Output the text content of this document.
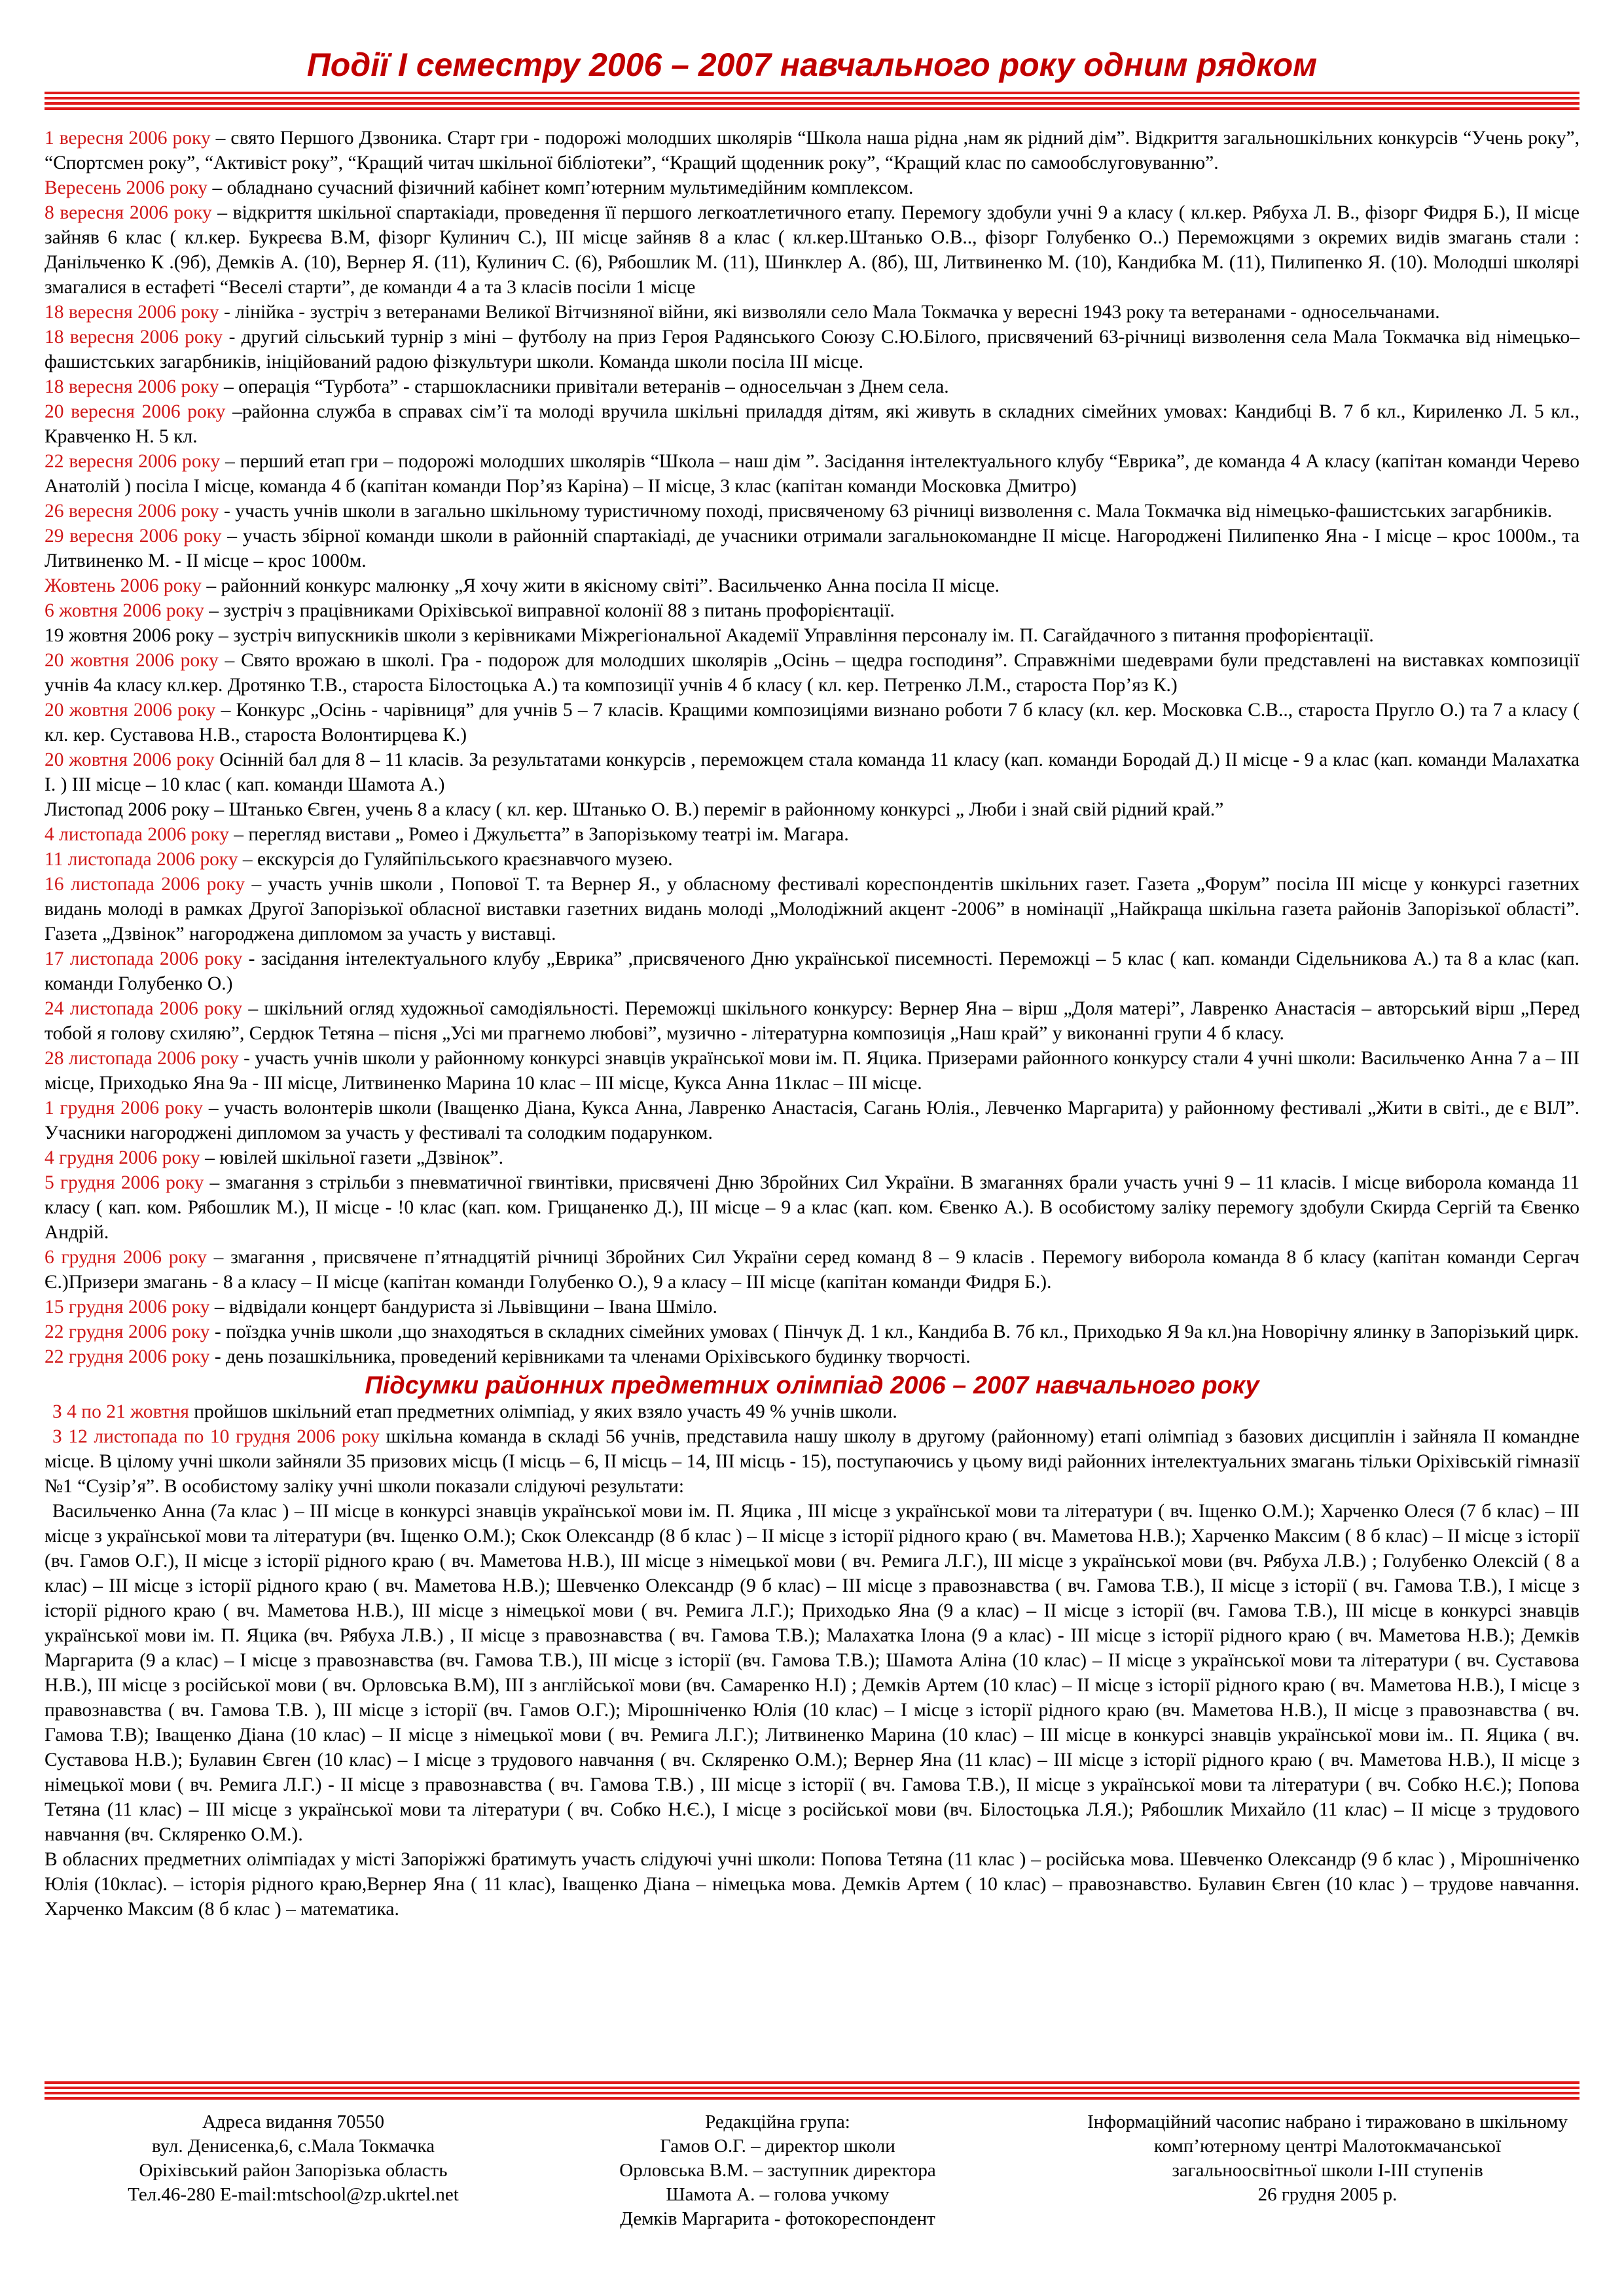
Події І семестру 2006 – 2007 навчального року одним рядком

1 вересня 2006 року – свято Першого Дзвоника. Старт гри - подорожі молодших школярів “Школа наша рідна ,нам як рідний дім”. Відкриття загальношкільних конкурсів “Учень року”, “Спортсмен року”, “Активіст року”, “Кращий читач шкільної бібліотеки”, “Кращий щоденник року”, “Кращий клас по самообслуговуванню”.

Вересень 2006 року – обладнано сучасний фізичний кабінет комп’ютерним мультимедійним комплексом.

8 вересня 2006 року – відкриття шкільної спартакіади, проведення її першого легкоатлетичного етапу. Перемогу здобули учні 9 а класу ( кл.кер. Рябуха Л. В., фізорг Фидря Б.), ІІ місце зайняв 6 клас ( кл.кер. Букреєва В.М, фізорг Кулинич С.), ІІІ місце зайняв 8 а клас ( кл.кер.Штанько О.В.., фізорг Голубенко О..) Переможцями з окремих видів змагань стали : Данільченко К .(9б), Демків А. (10), Вернер Я. (11), Кулинич С. (6), Рябошлик М. (11), Шинклер А. (8б), Ш, Литвиненко М. (10), Кандибка М. (11), Пилипенко Я. (10). Молодші школярі змагалися в естафеті “Веселі старти”, де команди 4 а та 3 класів посіли 1 місце

18 вересня 2006 року - лінійка - зустріч з ветеранами Великої Вітчизняної війни, які визволяли село Мала Токмачка у вересні 1943 року та ветеранами - односельчанами.

18 вересня 2006 року - другий сільський турнір з міні – футболу на приз Героя Радянського Союзу С.Ю.Білого, присвячений 63-річниці визволення села Мала Токмачка від німецько–фашистських загарбників, ініційований радою фізкультури школи. Команда школи посіла ІІІ місце.

18 вересня 2006 року – операція “Турбота” - старшокласники привітали ветеранів – односельчан з Днем села.

20 вересня 2006 року –районна служба в справах сім’ї та молоді вручила шкільні приладдя дітям, які живуть в складних сімейних умовах: Кандибці В. 7 б кл., Кириленко Л. 5 кл., Кравченко Н. 5 кл.

22 вересня 2006 року – перший етап гри – подорожі молодших школярів “Школа – наш дім ”. Засідання інтелектуального клубу “Еврика”, де команда 4 А класу (капітан команди Черево Анатолій ) посіла І місце, команда 4 б (капітан команди Пор’яз Каріна) – ІІ місце, 3 клас (капітан команди Московка Дмитро)

26 вересня 2006 року - участь учнів школи в загально шкільному туристичному поході, присвяченому 63 річниці визволення с. Мала Токмачка від німецько-фашистських загарбників.

29 вересня 2006 року – участь збірної команди школи в районній спартакіаді, де учасники отримали загальнокомандне ІІ місце. Нагороджені Пилипенко Яна - І місце – крос 1000м., та Литвиненко М. - ІІ місце – крос 1000м.

Жовтень 2006 року – районний конкурс малюнку „Я хочу жити в якісному світі”. Васильченко Анна посіла ІІ місце.

6 жовтня 2006 року – зустріч з працівниками Оріхівської виправної колонії 88 з питань профорієнтації.

19 жовтня 2006 року – зустріч випускників школи з керівниками Міжрегіональної Академії Управління персоналу ім. П. Сагайдачного з питання профорієнтації.

20 жовтня 2006 року – Свято врожаю в школі. Гра - подорож для молодших школярів „Осінь – щедра господиня”. Справжніми шедеврами були представлені на виставках композиції учнів 4а класу кл.кер. Дротянко Т.В., староста Білостоцька А.) та композиції учнів 4 б класу ( кл. кер. Петренко Л.М., староста Пор’яз К.)

20 жовтня 2006 року – Конкурс „Осінь - чарівниця” для учнів 5 – 7 класів. Кращими композиціями визнано роботи 7 б класу (кл. кер. Московка С.В.., староста Пругло О.) та 7 а класу ( кл. кер. Суставова Н.В., староста Волонтирцева К.)

20 жовтня 2006 року Осінній бал для 8 – 11 класів. За результатами конкурсів , переможцем стала команда 11 класу (кап. команди Бородай Д.) ІІ місце - 9 а клас (кап. команди Малахатка І. ) ІІІ місце – 10 клас ( кап. команди Шамота А.)

Листопад 2006 року – Штанько Євген, учень 8 а класу ( кл. кер. Штанько О. В.) переміг в районному конкурсі „ Люби і знай свій рідний край.”

4 листопада 2006 року – перегляд вистави „ Ромео і Джульєтта” в Запорізькому театрі ім. Магара.

11 листопада 2006 року – екскурсія до Гуляйпільського краєзнавчого музею.

16 листопада 2006 року – участь учнів школи , Попової Т. та Вернер Я., у обласному фестивалі кореспондентів шкільних газет. Газета „Форум” посіла ІІІ місце у конкурсі газетних видань молоді в рамках Другої Запорізької обласної виставки газетних видань молоді „Молодіжний акцент -2006” в номінації „Найкраща шкільна газета районів Запорізької області”. Газета „Дзвінок” нагороджена дипломом за участь у виставці.

17 листопада 2006 року - засідання інтелектуального клубу „Еврика” ,присвяченого Дню української писемності. Переможці – 5 клас ( кап. команди Сідельникова А.) та 8 а клас (кап. команди Голубенко О.)

24 листопада 2006 року – шкільний огляд художньої самодіяльності. Переможці шкільного конкурсу: Вернер Яна – вірш „Доля матері”, Лавренко Анастасія – авторський вірш „Перед тобой я голову схиляю”, Сердюк Тетяна – пісня „Усі ми прагнемо любові”, музично - літературна композиція „Наш край” у виконанні групи 4 б класу.

28 листопада 2006 року - участь учнів школи у районному конкурсі знавців української мови ім. П. Яцика. Призерами районного конкурсу стали 4 учні школи: Васильченко Анна 7 а – ІІІ місце, Приходько Яна 9а - ІІІ місце, Литвиненко Марина 10 клас – ІІІ місце, Кукса Анна 11клас – ІІІ місце.

1 грудня 2006 року – участь волонтерів школи (Іващенко Діана, Кукса Анна, Лавренко Анастасія, Сагань Юлія., Левченко Маргарита) у районному фестивалі „Жити в світі., де є ВІЛ”. Учасники нагороджені дипломом за участь у фестивалі та солодким подарунком.

4 грудня 2006 року – ювілей шкільної газети „Дзвінок”.

5 грудня 2006 року – змагання з стрільби з пневматичної гвинтівки, присвячені Дню Збройних Сил України. В змаганнях брали участь учні 9 – 11 класів. І місце виборола команда 11 класу ( кап. ком. Рябошлик М.), ІІ місце - !0 клас (кап. ком. Грищаненко Д.), ІІІ місце – 9 а клас (кап. ком. Євенко А.). В особистому заліку перемогу здобули Скирда Сергій та Євенко Андрій.

6 грудня 2006 року – змагання , присвячене п’ятнадцятій річниці Збройних Сил України серед команд 8 – 9 класів . Перемогу виборола команда 8 б класу (капітан команди Сергач Є.)Призери змагань - 8 а класу – ІІ місце (капітан команди Голубенко О.), 9 а класу – ІІІ місце (капітан команди Фидря Б.).

15 грудня 2006 року – відвідали концерт бандуриста зі Львівщини – Івана Шміло.

22 грудня 2006 року - поїздка учнів школи ,що знаходяться в складних сімейних умовах ( Пінчук Д. 1 кл., Кандиба В. 7б кл., Приходько Я 9а кл.)на Новорічну ялинку в Запорізький цирк.

22 грудня 2006 року - день позашкільника, проведений керівниками та членами Оріхівського будинку творчості.

Підсумки районних предметних олімпіад 2006 – 2007 навчального року

З 4 по 21 жовтня пройшов шкільний етап предметних олімпіад, у яких взяло участь 49 % учнів школи.

З 12 листопада по 10 грудня 2006 року шкільна команда в складі 56 учнів, представила нашу школу в другому (районному) етапі олімпіад з базових дисциплін і зайняла ІІ командне місце. В цілому учні школи зайняли 35 призових місць (І місць – 6, ІІ місць – 14, ІІІ місць - 15), поступаючись у цьому виді районних інтелектуальних змагань тільки Оріхівській гімназії №1 “Сузір’я”. В особистому заліку учні школи показали слідуючі результати:

Васильченко Анна (7а клас ) – ІІІ місце в конкурсі знавців української мови ім. П. Яцика , ІІІ місце з української мови та літератури ( вч. Іщенко О.М.); Харченко Олеся (7 б клас) – ІІІ місце з української мови та літератури (вч. Іщенко О.М.); Скок Олександр (8 б клас ) – ІІ місце з історії рідного краю ( вч. Маметова Н.В.); Харченко Максим ( 8 б клас) – ІІ місце з історії (вч. Гамов О.Г.), ІІ місце з історії рідного краю ( вч. Маметова Н.В.), ІІІ місце з німецької мови ( вч. Ремига Л.Г.), ІІІ місце з української мови (вч. Рябуха Л.В.) ; Голубенко Олексій ( 8 а клас) – ІІІ місце з історії рідного краю ( вч. Маметова Н.В.); Шевченко Олександр (9 б клас) – ІІІ місце з правознавства ( вч. Гамова Т.В.), ІІ місце з історії ( вч. Гамова Т.В.), І місце з історії рідного краю ( вч. Маметова Н.В.), ІІІ місце з німецької мови ( вч. Ремига Л.Г.); Приходько Яна (9 а клас) – ІІ місце з історії (вч. Гамова Т.В.), ІІІ місце в конкурсі знавців української мови ім. П. Яцика (вч. Рябуха Л.В.) , ІІ місце з правознавства ( вч. Гамова Т.В.); Малахатка Ілона (9 а клас) - ІІІ місце з історії рідного краю ( вч. Маметова Н.В.); Демків Маргарита (9 а клас) – І місце з правознавства (вч. Гамова Т.В.), ІІІ місце з історії (вч. Гамова Т.В.); Шамота Аліна (10 клас) – ІІ місце з української мови та літератури ( вч. Суставова Н.В.), ІІІ місце з російської мови ( вч. Орловська В.М), ІІІ з англійської мови (вч. Самаренко Н.І) ; Демків Артем (10 клас) – ІІ місце з історії рідного краю ( вч. Маметова Н.В.), І місце з правознавства ( вч. Гамова Т.В. ), ІІІ місце з історії (вч. Гамов О.Г.); Мірошніченко Юлія (10 клас) – І місце з історії рідного краю (вч. Маметова Н.В.), ІІ місце з правознавства ( вч. Гамова Т.В); Іващенко Діана (10 клас) – ІІ місце з німецької мови ( вч. Ремига Л.Г.); Литвиненко Марина (10 клас) – ІІІ місце в конкурсі знавців української мови ім.. П. Яцика ( вч. Суставова Н.В.); Булавин Євген (10 клас) – І місце з трудового навчання ( вч. Скляренко О.М.); Вернер Яна (11 клас) – ІІІ місце з історії рідного краю ( вч. Маметова Н.В.), ІІ місце з німецької мови ( вч. Ремига Л.Г.) - ІІ місце з правознавства ( вч. Гамова Т.В.) , ІІІ місце з історії ( вч. Гамова Т.В.), ІІ місце з української мови та літератури ( вч. Собко Н.Є.); Попова Тетяна (11 клас) – ІІІ місце з української мови та літератури ( вч. Собко Н.Є.), І місце з російської мови (вч. Білостоцька Л.Я.); Рябошлик Михайло (11 клас) – ІІ місце з трудового навчання (вч. Скляренко О.М.).

В обласних предметних олімпіадах у місті Запоріжжі братимуть участь слідуючі учні школи: Попова Тетяна (11 клас ) – російська мова. Шевченко Олександр (9 б клас ) , Мірошніченко Юлія (10клас). – історія рідного краю,Вернер Яна ( 11 клас), Іващенко Діана – німецька мова. Демків Артем ( 10 клас) – правознавство. Булавин Євген (10 клас ) – трудове навчання. Харченко Максим (8 б клас ) – математика.

Адреса видання 70550
вул. Денисенка,6, с.Мала Токмачка
Оріхівський район Запорізька область
Тел.46-280 E-mail:mtschool@zp.ukrtel.net
Редакційна група:
Гамов О.Г. – директор школи
Орловська В.М. – заступник директора
Шамота А. – голова учкому
Демків Маргарита - фотокореспондент
Інформаційний часопис набрано і тиражовано в шкільному
комп’ютерному центрі Малотокмачанської
загальноосвітньої школи І-ІІІ ступенів
26 грудня 2005 р.
